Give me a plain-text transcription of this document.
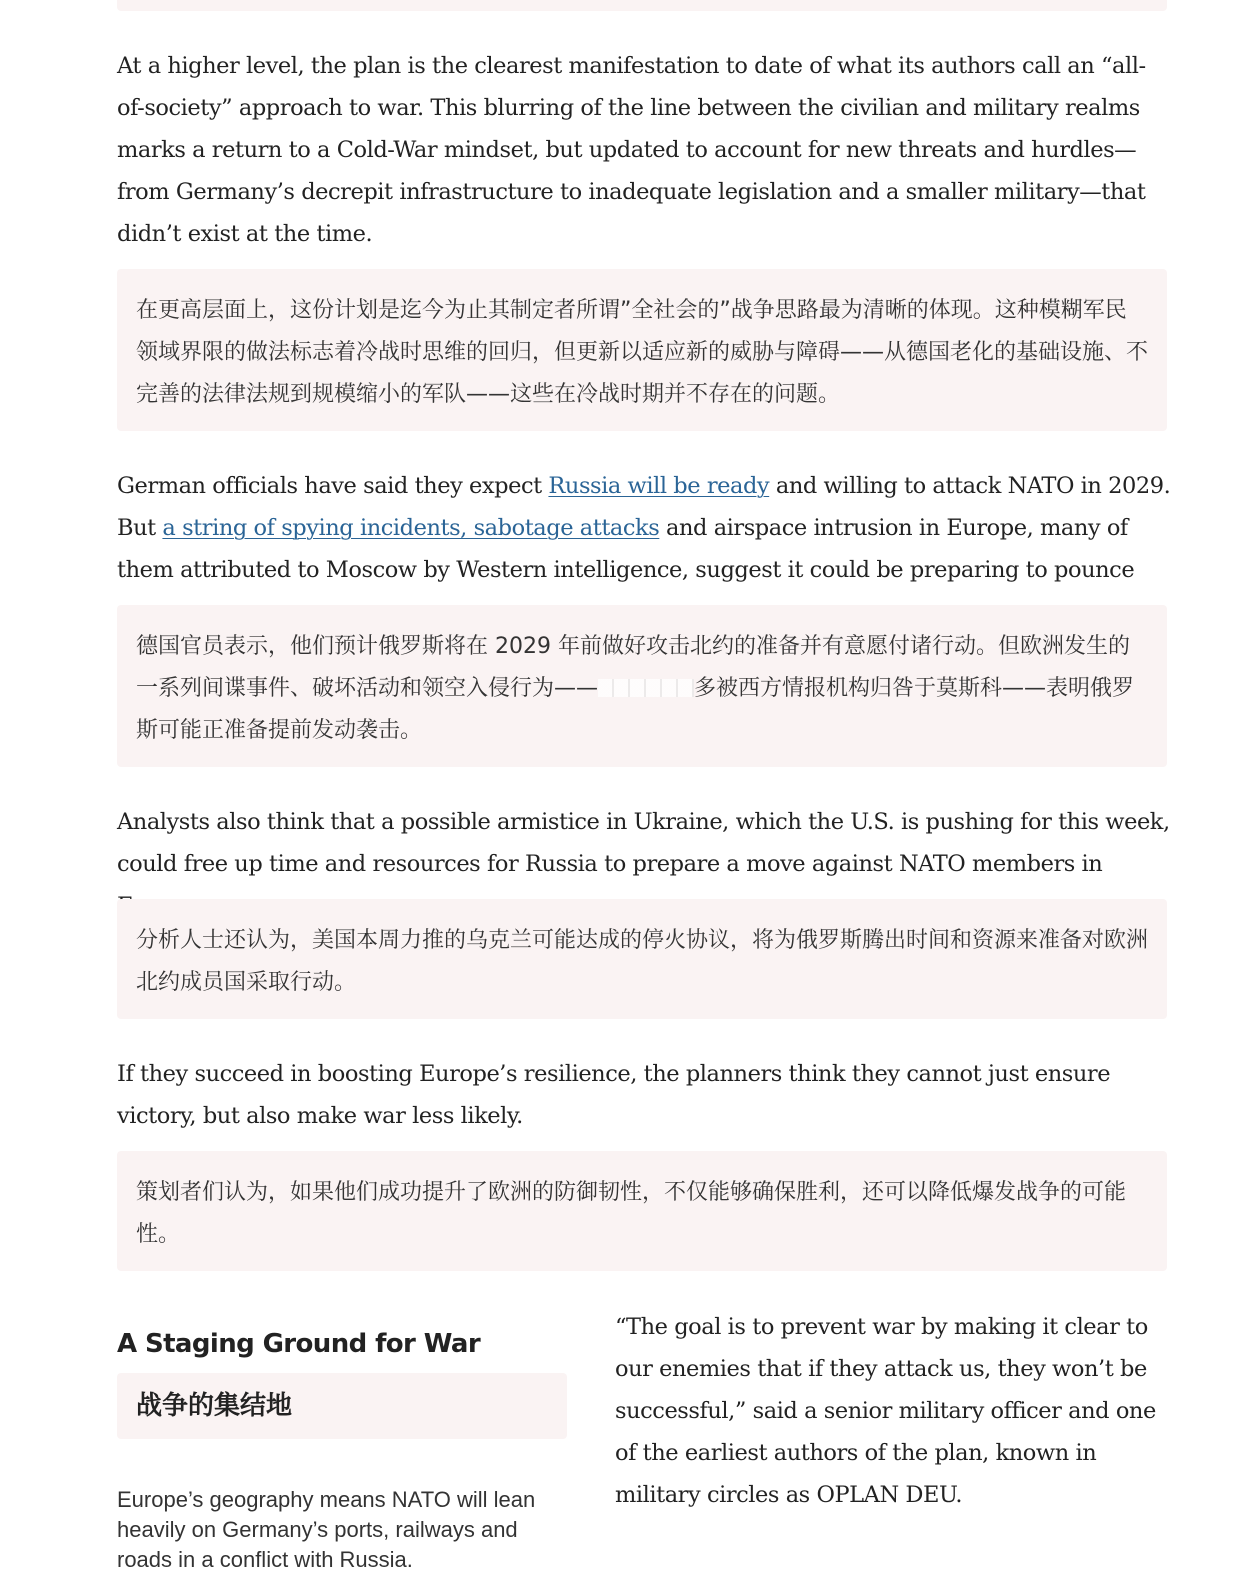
At a higher level, the plan is the clearest manifestation to date of what its authors call an “all-of-society” approach to war. This blurring of the line between the civilian and military realms marks a return to a Cold-War mindset, but updated to account for new threats and hurdles—from Germany’s decrepit infrastructure to inadequate legislation and a smaller military—that didn’t exist at the time.

在更高层面上，这份计划是迄今为止其制定者所谓”全社会的”战争思路最为清晰的体现。这种模糊军民领域界限的做法标志着冷战时思维的回归，但更新以适应新的威胁与障碍——从德国老化的基础设施、不完善的法律法规到规模缩小的军队——这些在冷战时期并不存在的问题。

German officials have said they expect Russia will be ready and willing to attack NATO in 2029. But a string of spying incidents, sabotage attacks and airspace intrusion in Europe, many of them attributed to Moscow by Western intelligence, suggest it could be preparing to pounce

德国官员表示，他们预计俄罗斯将在 2029 年前做好攻击北约的准备并有意愿付诸行动。但欧洲发生的一系列间谍事件、破坏活动和领空入侵行为——	多被西方情报机构归咎于莫斯科——表明俄罗斯可能正准备提前发动袭击。

Analysts also think that a possible armistice in Ukraine, which the U.S. is pushing for this week, could free up time and resources for Russia to prepare a move against NATO members in

分析人士还认为，美国本周力推的乌克兰可能达成的停火协议，将为俄罗斯腾出时间和资源来准备对欧洲北约成员国采取行动。

If they succeed in boosting Europe’s resilience, the planners think they cannot just ensure victory, but also make war less likely.

策划者们认为，如果他们成功提升了欧洲的防御韧性，不仅能够确保胜利，还可以降低爆发战争的可能性。

A Staging Ground for War
战争的集结地

Europe’s geography means NATO will lean heavily on Germany’s ports, railways and roads in a conflict with Russia.

“The goal is to prevent war by making it clear to our enemies that if they attack us, they won’t be successful,” said a senior military officer and one of the earliest authors of the plan, known in military circles as OPLAN DEU.
